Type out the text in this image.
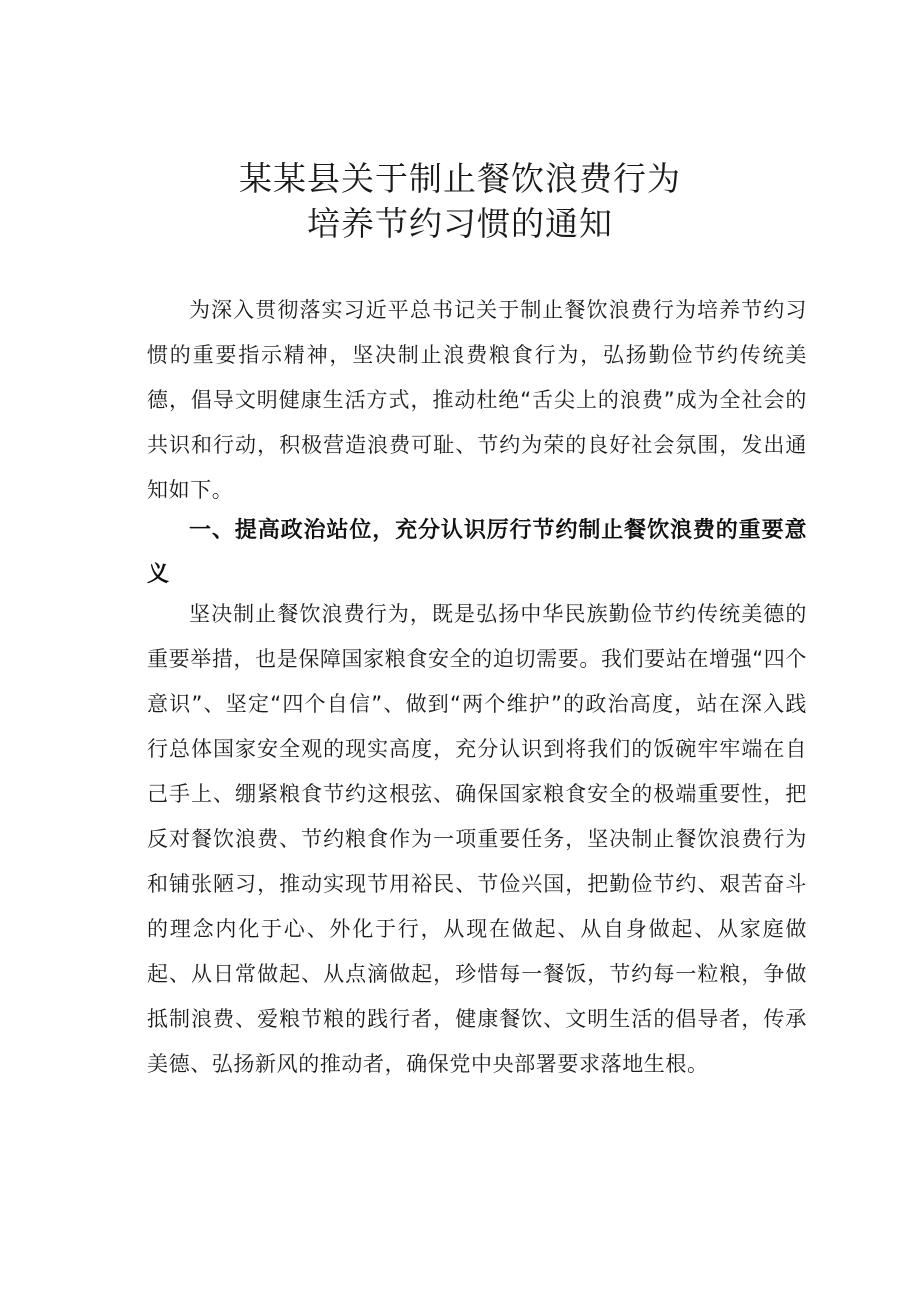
某某县关于制止餐饮浪费行为
培养节约习惯的通知

为深入贯彻落实习近平总书记关于制止餐饮浪费行为培养节约习惯的重要指示精神，坚决制止浪费粮食行为，弘扬勤俭节约传统美德，倡导文明健康生活方式，推动杜绝“舌尖上的浪费”成为全社会的共识和行动，积极营造浪费可耻、节约为荣的良好社会氛围，发出通知如下。

一、提高政治站位，充分认识厉行节约制止餐饮浪费的重要意义

坚决制止餐饮浪费行为，既是弘扬中华民族勤俭节约传统美德的重要举措，也是保障国家粮食安全的迫切需要。我们要站在增强“四个意识”、坚定“四个自信”、做到“两个维护”的政治高度，站在深入践行总体国家安全观的现实高度，充分认识到将我们的饭碗牢牢端在自己手上、绷紧粮食节约这根弦、确保国家粮食安全的极端重要性，把反对餐饮浪费、节约粮食作为一项重要任务，坚决制止餐饮浪费行为和铺张陋习，推动实现节用裕民、节俭兴国，把勤俭节约、艰苦奋斗的理念内化于心、外化于行，从现在做起、从自身做起、从家庭做起、从日常做起、从点滴做起，珍惜每一餐饭，节约每一粒粮，争做抵制浪费、爱粮节粮的践行者，健康餐饮、文明生活的倡导者，传承美德、弘扬新风的推动者，确保党中央部署要求落地生根。
